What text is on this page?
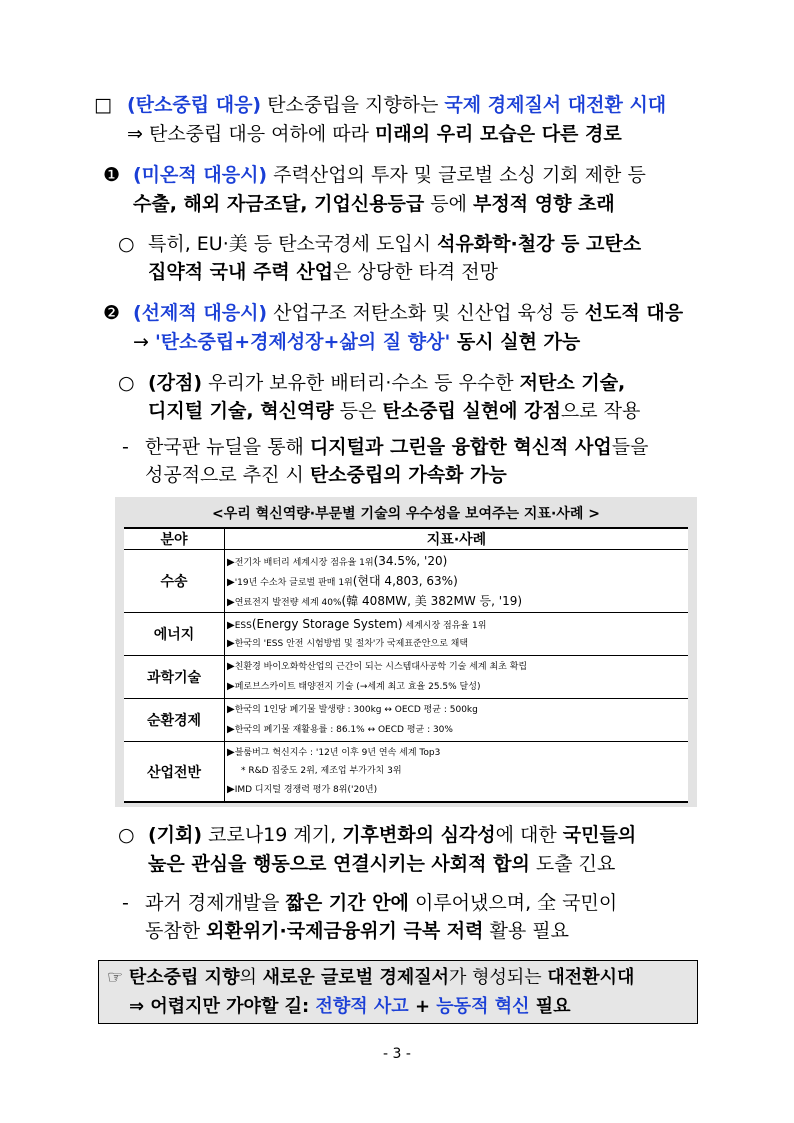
□ (탄소중립 대응) 탄소중립을 지향하는 국제 경제질서 대전환 시대
⇒ 탄소중립 대응 여하에 따라 미래의 우리 모습은 다른 경로
❶ (미온적 대응시) 주력산업의 투자 및 글로벌 소싱 기회 제한 등
수출, 해외 자금조달, 기업신용등급 등에 부정적 영향 초래
○ 특히, EU·美 등 탄소국경세 도입시 석유화학·철강 등 고탄소
집약적 국내 주력 산업은 상당한 타격 전망
❷ (선제적 대응시) 산업구조 저탄소화 및 신산업 육성 등 선도적 대응
→ '탄소중립+경제성장+삶의 질 향상' 동시 실현 가능
○ (강점) 우리가 보유한 배터리·수소 등 우수한 저탄소 기술,
디지털 기술, 혁신역량 등은 탄소중립 실현에 강점으로 작용
- 한국판 뉴딜을 통해 디지털과 그린을 융합한 혁신적 사업들을
성공적으로 추진 시 탄소중립의 가속화 가능
<우리 혁신역량·부문별 기술의 우수성을 보여주는 지표·사례 >
분야	지표·사례
수송	▶전기차 배터리 세계시장 점유율 1위(34.5%, '20)
▶'19년 수소차 글로벌 판매 1위(현대 4,803, 63%)
▶연료전지 발전량 세계 40%(韓 408MW, 美 382MW 등, '19)

에너지	▶ESS(Energy Storage System) 세계시장 점유율 1위
▶한국의 'ESS 안전 시험방법 및 절차'가 국제표준안으로 채택

과학기술	▶친환경 바이오화학산업의 근간이 되는 시스템대사공학 기술 세계 최초 확립
▶페로브스카이트 태양전지 기술 (→세계 최고 효율 25.5% 달성)

순환경제	▶한국의 1인당 폐기물 발생량 : 300kg ↔ OECD 평균 : 500kg
▶한국의 폐기물 재활용률 : 86.1% ↔ OECD 평균 : 30%

산업전반	▶블룸버그 혁신지수 : '12년 이후 9년 연속 세계 Top3
* R&D 집중도 2위, 제조업 부가가치 3위
▶IMD 디지털 경쟁력 평가 8위('20년)
○ (기회) 코로나19 계기, 기후변화의 심각성에 대한 국민들의
높은 관심을 행동으로 연결시키는 사회적 합의 도출 긴요
- 과거 경제개발을 짧은 기간 안에 이루어냈으며, 全 국민이
동참한 외환위기·국제금융위기 극복 저력 활용 필요
☞ 탄소중립 지향의 새로운 글로벌 경제질서가 형성되는 대전환시대
⇒ 어렵지만 가야할 길: 전향적 사고 + 능동적 혁신 필요
- 3 -
